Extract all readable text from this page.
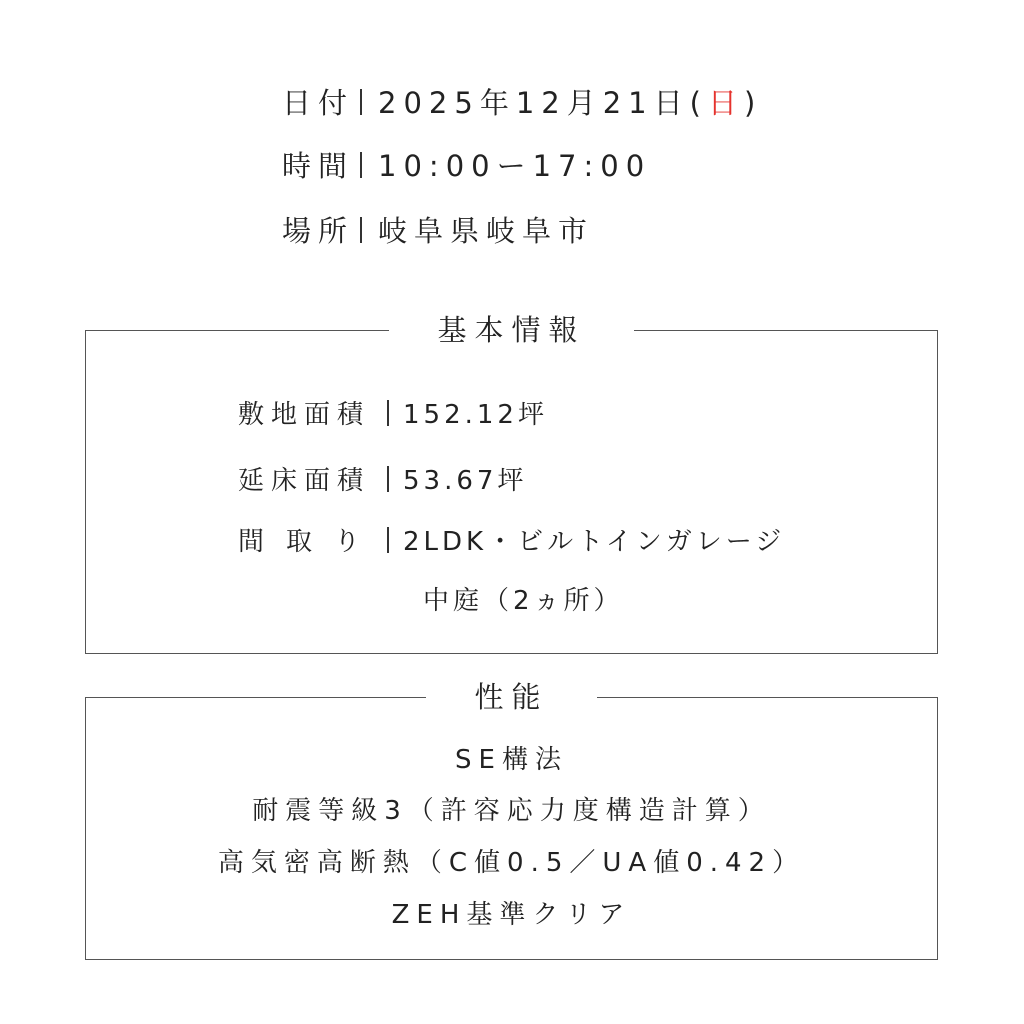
日付 2025年12月21日(日)
時間 10:00ー17:00
場所 岐阜県岐阜市
基本情報
敷地面積 152.12坪
延床面積 53.67坪
間取り 2LDK・ビルトインガレージ
中庭（2ヵ所）
性能
SE構法
耐震等級3（許容応力度構造計算）
高気密高断熱（C値0.5／UA値0.42）
ZEH基準クリア
